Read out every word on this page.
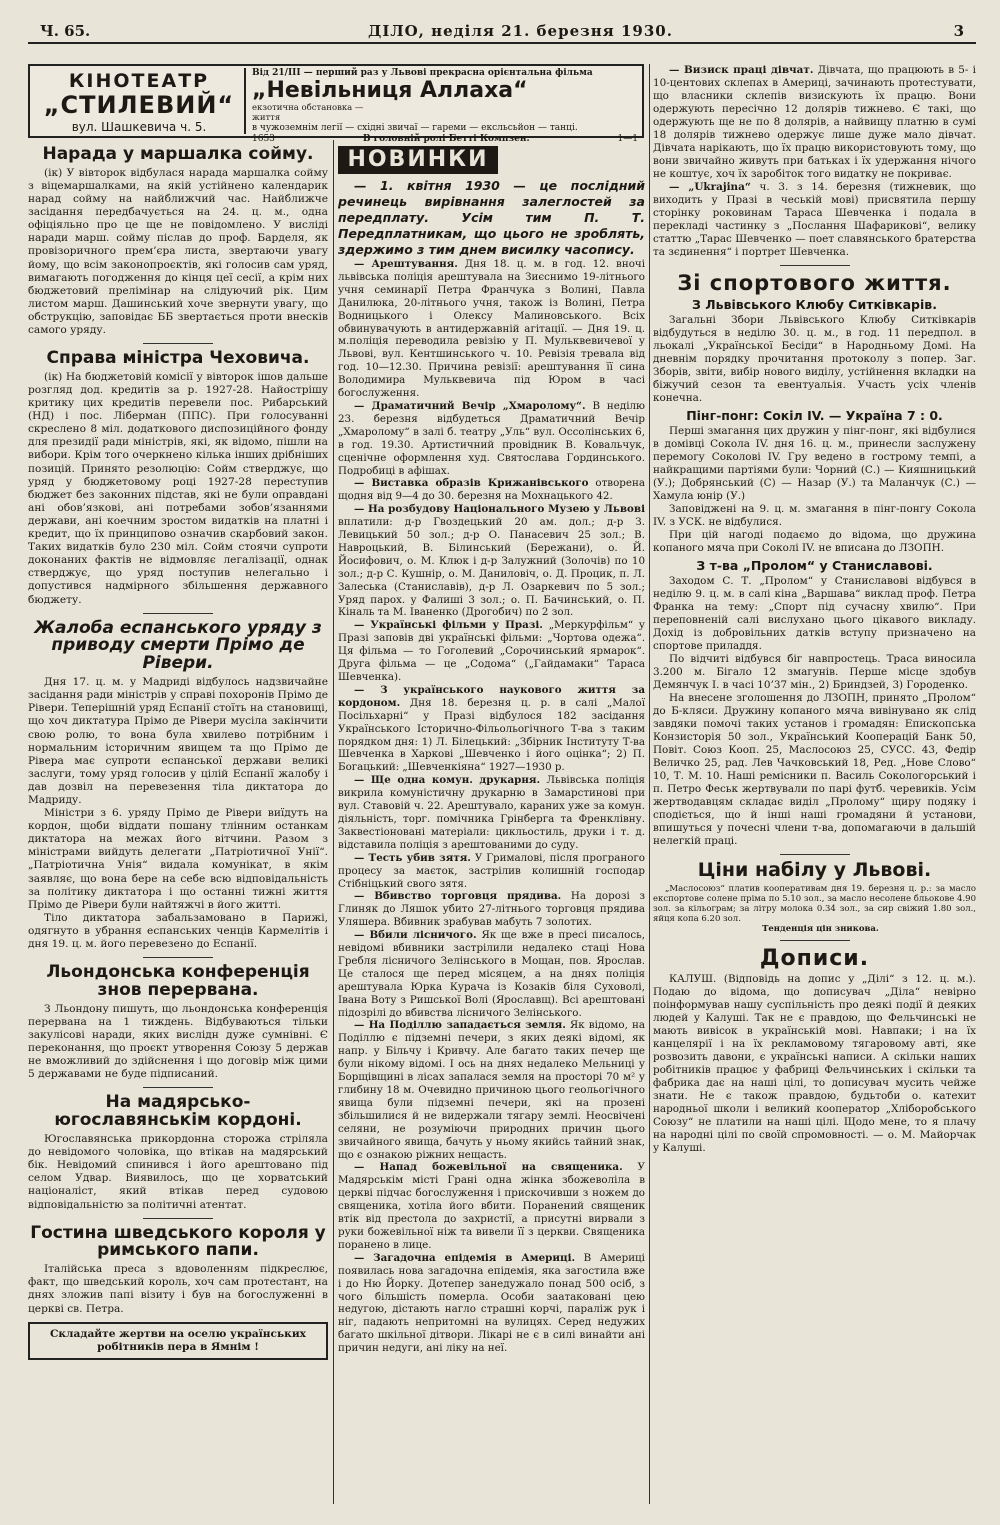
Ч. 65.	ДІЛО, неділя 21. березня 1930.	3
КІНОТЕАТР
„СТИЛЕВИЙ“
вул. Шашкевича ч. 5.
Від 21/ІІІ — перший раз у Львові прекрасна орієнтальна фільма
„Невільниця Аллаха“ екзотична обстановка — життя
в чужоземнім легії — східні звичаї — гареми — ексльсьйон — танці.
1653	В головній ролі Бетті Компзен.	1—1
Нарада у маршалка сойму.

(ік) У вівторок відбулася нарада маршалка сойму з віцемаршалками, на якій устійнено календарик нарад сойму на найближчий час. Найближче засідання передбачується на 24. ц. м., одна офіціяльно про це ще не повідомлено. У висліді наради марш. сойму післав до проф. Барделя, як провізоричного прем’єра листа, звертаючи увагу йому, що всім законопроєктів, які голосив сам уряд, вимагають погодження до кінця цеї сесії, а крім них бюджетовий прелімінар на слідуючий рік. Цим листом марш. Дашинський хоче звернути увагу, що обструкцію, заповідає ББ звертається проти внесків самого уряду.

Справа міністра Чеховича.

(ік) На бюджетовій комісії у вівторок ішов дальше розгляд дод. кредитів за р. 1927-28. Найострішу критику цих кредитів перевели пос. Рибарський (НД) і пос. Ліберман (ППС). При голосуванні скреслено 8 міл. додаткового диспозиційного фонду для президії ради міністрів, які, як відомо, пішли на вибори. Крім того очеркнено кілька інших дрібніших позицій. Принято резолюцію: Сойм стверджує, що уряд у бюджетовому році 1927-28 переступив бюджет без законних підстав, які не були оправдані ані обов’язкові, ані потребами зобов’язаннями держави, ані коечним зростом видатків на платні і кредит, що їх принципово означив скарбовий закон. Таких видатків було 230 міл. Сойм стоячи супроти доконаних фактів не відмовляє легалізації, однак стверджує, що уряд поступив нелегально і допустився надмірного збільшення державного бюджету.

Жалоба еспанського уряду з приводу смерти Прімо де Рівери.

Дня 17. ц. м. у Мадриді відбулось надзвичайне засідання ради міністрів у справі похоронів Прімо де Рівери. Теперішній уряд Еспанії стоїть на становищі, що хоч диктатура Прімо де Рівери мусіла закінчити свою ролю, то вона була хвилево потрібним і нормальним історичним явищем та що Прімо де Рівера має супроти еспанської держави великі заслуги, тому уряд голосив у цілій Еспанії жалобу і дав дозвіл на перевезення тіла диктатора до Мадриду.

Міністри з 6. уряду Прімо де Рівери виїдуть на кордон, щоби віддати пошану тлінним останкам диктатора на межах його вітчини. Разом з міністрами вийдуть делегати „Патріотичної Унії“. „Патріотична Унія“ видала комунікат, в якім заявляє, що вона бере на себе всю відповідальність за політику диктатора і що останні тижні життя Прімо де Рівери були найтяжчі в його житті.

Тіло диктатора забальзамовано в Парижі, одягнуто в убрання еспанських ченців Кармелітів і дня 19. ц. м. його перевезено до Еспанії.

Льондонська конференція знов перервана.

З Льондону пишуть, що льондонська конференція перервана на 1 тиждень. Відбуваються тільки закулісові наради, яких вислідн дуже сумнівні. Є переконання, що проєкт утворення Союзу 5 держав не вможливий до здійснення і що договір між цими 5 державами не буде підписаний.

На мадярсько-югославянськім кордоні.

Югославянська прикордонна сторожа стріляла до невідомого чоловіка, що втікав на мадярський бік. Невідомий спинився і його арештовано під селом Удвар. Виявилось, що це хорватський націоналіст, який втікав перед судовою відповідальністю за політичні атентат.

Гостина шведського короля у римського папи.

Італійська преса з вдоволенням підкреслює, факт, що шведський король, хоч сам протестант, на днях зложив папі візиту і був на богослуженні в церкві св. Петра.

Складайте жертви на оселю українських робітників пера в Ямнім !

НОВИНКИ
— 1. квітня 1930 — це послідний речинець вирівнання залеглостей за передплату. Усім тим П. Т. Передплатникам, що цього не зроблять, здержимо з тим днем висилку часопису.

— Арештування. Дня 18. ц. м. в год. 12. вночі львівська поліція арештувала на Зиєснимо 19-літнього учня семинарії Петра Франчука з Волині, Павла Данилюка, 20-літнього учня, також із Волині, Петра Водницького і Олексу Малиновського. Всіх обвинувачують в антидержавній агітації. — Дня 19. ц. м.поліція переводила ревізію у П. Мульквевичевої у Львові, вул. Кентшинського ч. 10. Ревізія тревала від год. 10—12.30. Причина ревізії: арештування її сина Володимира Мульквевича під Юром в часі богослуження.

— Драматичний Вечір „Хмаролому“. В неділю 23. березня відбудеться Драматичний Вечір „Хмаролому“ в залі б. театру „Уль“ вул. Оссолінських 6, в год. 19.30. Артистичний провідник В. Ковальчук, сценічне оформлення худ. Святослава Гординського. Подробиці в афішах.

— Виставка образів Крижанівського отворена щодня від 9—4 до 30. березня на Мохнацького 42.

— На розбудову Національного Музею у Львові вплатили: д-р Гвоздецький 20 ам. дол.; д-р З. Левицький 50 зол.; д-р О. Панасевич 25 зол.; В. Навроцький, В. Білинський (Бережани), о. Й. Йосифович, о. М. Клюк і д-р Залужний (Золочів) по 10 зол.; д-р С. Кушнір, о. М. Даниловіч, о. Д. Процик, п. Л. Залеська (Станиславів), д-р Л. Озаркевич по 5 зол.; Уряд парох. у Фалиші 3 зол.; о. П. Бачинський, о. П. Кіналь та М. Іваненко (Дрогобич) по 2 зол.

— Українські фільми у Празі. „Меркурфільм“ у Празі заповів дві українські фільми: „Чортова одежа“. Ця фільма — то Гоголевий „Сорочинський ярмарок“. Друга фільма — це „Содома“ („Гайдамаки“ Тараса Шевченка).

— З українського наукового життя за кордоном. Дня 18. березня ц. р. в салі „Малої Посільхарні“ у Празі відбулося 182 засідання Українського Історично-Фільольогічного Т-ва з таким порядком дня: 1) Л. Білецький: „Збірник Інституту Т-ва Шевченка в Харкові „Шевченко і його оцінка“; 2) П. Богацький: „Шевченкіяна“ 1927—1930 р.

— Ще одна комун. друкарня. Львівська поліція викрила комуністичну друкарню в Замарстинові при вул. Ставовій ч. 22. Арештувало, караних уже за комун. діяльність, торг. помічника Грінберга та Френклівну. Заквестіоновані матеріали: цикльостиль, друки і т. д. відставила поліція з арештованими до суду.

— Тесть убив зятя. У Грималові, після програного процесу за маєток, застрілив колишній господар Стібніцький свого зятя.

— Вбивство торговця прядива. На дорозі з Глиняк до Ляшок убито 27-літнього торговця прядива Уляшера. Вбивник зрабував мабуть 7 золотих.

— Вбили лісничого. Як ще вже в пресі писалось, невідомі вбивники застрілили недалеко стаці Нова Гребля лісничого Зелінського в Мощан, пов. Ярослав. Це сталося ще перед місяцем, а на днях поліція арештувала Юрка Курача із Козаків біля Суховолі, Івана Воту з Ришської Волі (Ярославщ). Всі арештовані підозрілі до вбивства лісничого Зелінського.

— На Поділлю западається земля. Як відомо, на Поділлю є підземні печери, з яких деякі відомі, як напр. у Більчу і Кривчу. Але багато таких печер ще були нікому відомі. І ось на днях недалеко Мельниці у Борщівщині в лісах запалася земля на просторі 70 м² у глибину 18 м. Очевидно причиною цього геольогічного явища були підземні печери, які на прозені збільшилися й не видержали тягару землі. Неосвічені селяни, не розуміючи природних причин цього звичайного явища, бачуть у ньому якийсь тайний знак, що є ознакою ріжних нещасть.

— Напад божевільної на священика. У Мадярськім місті Грані одна жінка збожеволіла в церкві підчас богослуження і прискочивши з ножем до священика, хотіла його вбити. Поранений священик втік від престола до захристії, а присутні вирвали з руки божевільної ніж та вивели її з церкви. Священика поранено в лице.

— Загадочна епідемія в Америці. В Америці появилась нова загадочна епідемія, яка загостила вже і до Ню Йорку. Дотепер занедужало понад 500 осіб, з чого більшість померла. Особи заатаковані цею недугою, дістають нагло страшні корчі, параліж рук і ніг, падають непритомні на вулицях. Серед недужих багато шкільної дітвори. Лікарі не є в силі винайти ані причин недуги, ані ліку на неї.

— Визиск праці дівчат. Дівчата, що працюють в 5- і 10-центових склепах в Америці, зачинають протестувати, що власники склепів визискують їх працю. Вони одержують пересічно 12 долярів тижнево. Є такі, що одержують ще не по 8 долярів, а найвищу платню в сумі 18 долярів тижнево одержує лише дуже мало дівчат. Дівчата нарікають, що їх працю використовують тому, що вони звичайно живуть при батьках і їх удержання нічого не коштує, хоч їх заробіток того видатку не покриває.

— „Ukrajina“ ч. 3. з 14. березня (тижневик, що виходить у Празі в чеській мові) присвятила першу сторінку роковинам Тараса Шевченка і подала в перекладі частинку з „Послання Шафарикові“, велику статтю „Тарас Шевченко — поет славянського братерства та зєдинення“ і портрет Шевченка.

Зі спортового життя.
З Львівського Клюбу Ситківкарів.

Загальні Збори Львівського Клюбу Ситківкарів відбудуться в неділю 30. ц. м., в год. 11 передпол. в льокалі „Української Бесіди“ в Народньому Домі. На дневнім порядку прочитання протоколу з попер. Заг. Зборів, звіти, вибір нового виділу, устійнення вкладки на біжучий сезон та евентуальія. Участь усіх членів конечна.

Пінг-понг: Сокіл IV. — Україна 7 : 0.

Перші змагання цих дружин у пінг-понг, які відбулися в домівці Сокола IV. дня 16. ц. м., принесли заслужену перемогу Соколові IV. Гру ведено в гострому темпі, а найкращими партіями були: Чорний (С.) — Кияшницький (У.); Добрянський (С) — Назар (У.) та Маланчук (С.) — Хамула юнір (У.)

Заповіджені на 9. ц. м. змагання в пінг-понгу Сокола IV. з УСК. не відбулися.

При цій нагоді подаємо до відома, що дружина копаного мяча при Соколі IV. не вписана до ЛЗОПН.

З т-ва „Пролом“ у Станиславові.

Заходом С. Т. „Пролом“ у Станиславові відбувся в неділю 9. ц. м. в салі кіна „Варшава“ виклад проф. Петра Франка на тему: „Спорт під сучасну хвилю“. При переповненій салі вислухано цього цікавого викладу. Дохід із добровільних датків вступу призначено на спортове приладдя.

По відчиті відбувся біг навпростець. Траса виносила 3.200 м. Бігало 12 змагунів. Перше місце здобув Демянчук І. в часі 10’37 мін., 2) Бриндзей, 3) Городенко.

На внесене зголошення до ЛЗОПН, принято „Пролом“ до Б-кляси. Дружину копаного мяча вивінувано як слід завдяки помочі таких установ і громадян: Епископська Конзисторія 50 зол., Український Кооперацій Банк 50, Повіт. Союз Кооп. 25, Маслосоюз 25, СУСС. 43, Федір Величко 25, рад. Лев Чачковський 18, Ред. „Нове Слово“ 10, Т. М. 10. Наші ремісники п. Василь Сокологорський і п. Петро Феськ жертвували по парі футб. черевиків. Усім жертводавцям складає виділ „Пролому“ щиру подяку і сподіється, що й інші наші громадяни й установи, впишуться у почесні члени т-ва, допомагаючи в дальшій нелегкій праці.

Ціни набілу у Львові.

„Маслосоюз“ платив кооперативам дня 19. березня ц. р.: за масло експортове солене пріма по 5.10 зол., за масло несолене бльокове 4.90 зол. за кільограм; за літру молока 0.34 зол., за сир свіжий 1.80 зол., яйця копа 6.20 зол.

Тенденція цін зникова.

Дописи.

КАЛУШ. (Відповідь на допис у „Ділі“ з 12. ц. м.). Подаю до відома, що дописувач „Діла“ невірно поінформував нашу суспільність про деякі події й деяких людей у Калуші. Так не є правдою, що Фельчинські не мають вивісок в українській мові. Навпаки; і на їх канцелярії і на їх рекламовому тягаровому авті, яке розвозить давони, є українські написи. А скільки наших робітників працює у фабриці Фельчинських і скільки та фабрика дає на наші цілі, то дописувач мусить чейже знати. Не є також правдою, будьтоби о. катехит народньої школи і великий кооператор „Хліборобського Союзу“ не платили на наші цілі. Щодо мене, то я плачу на народні цілі по своїй спромовності. — о. М. Майорчак у Калуші.
